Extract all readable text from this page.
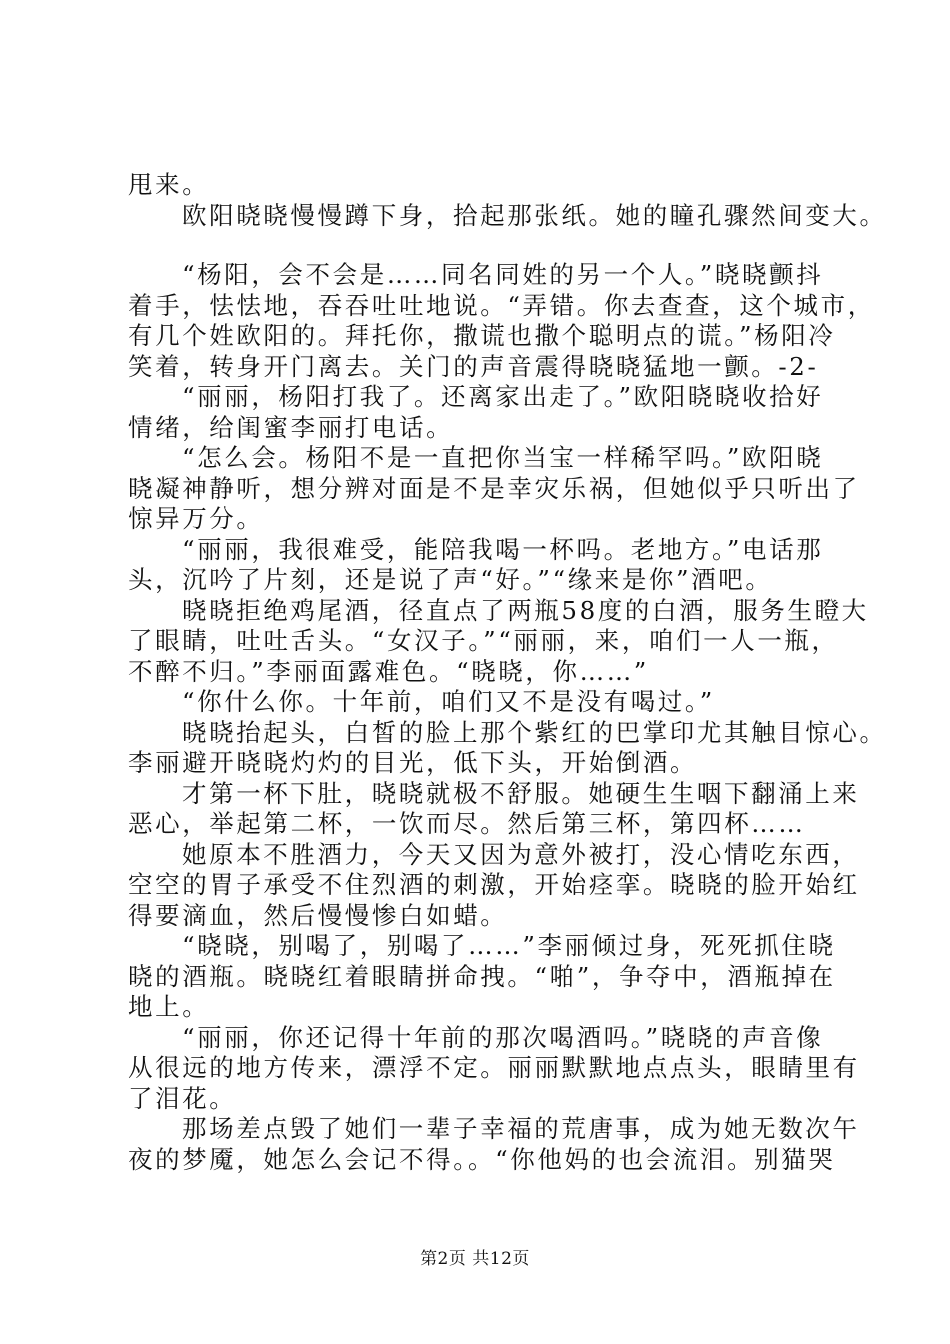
甩来。
欧阳晓晓慢慢蹲下身，拾起那张纸。她的瞳孔骤然间变大。
“杨阳，会不会是……同名同姓的另一个人。”晓晓颤抖
着手，怯怯地，吞吞吐吐地说。“弄错。你去查查，这个城市，
有几个姓欧阳的。拜托你，撒谎也撒个聪明点的谎。”杨阳冷
笑着，转身开门离去。关门的声音震得晓晓猛地一颤。-2-
“丽丽，杨阳打我了。还离家出走了。”欧阳晓晓收拾好
情绪，给闺蜜李丽打电话。
“怎么会。杨阳不是一直把你当宝一样稀罕吗。”欧阳晓
晓凝神静听，想分辨对面是不是幸灾乐祸，但她似乎只听出了
惊异万分。
“丽丽，我很难受，能陪我喝一杯吗。老地方。”电话那
头，沉吟了片刻，还是说了声“好。”“缘来是你”酒吧。
晓晓拒绝鸡尾酒，径直点了两瓶58度的白酒，服务生瞪大
了眼睛，吐吐舌头。“女汉子。”“丽丽，来，咱们一人一瓶，
不醉不归。”李丽面露难色。“晓晓，你……”
“你什么你。十年前，咱们又不是没有喝过。”
晓晓抬起头，白皙的脸上那个紫红的巴掌印尤其触目惊心。
李丽避开晓晓灼灼的目光，低下头，开始倒酒。
才第一杯下肚，晓晓就极不舒服。她硬生生咽下翻涌上来
恶心，举起第二杯，一饮而尽。然后第三杯，第四杯……
她原本不胜酒力，今天又因为意外被打，没心情吃东西，
空空的胃子承受不住烈酒的刺激，开始痉挛。晓晓的脸开始红
得要滴血，然后慢慢惨白如蜡。
“晓晓，别喝了，别喝了……”李丽倾过身，死死抓住晓
晓的酒瓶。晓晓红着眼睛拼命拽。“啪”，争夺中，酒瓶掉在
地上。
“丽丽，你还记得十年前的那次喝酒吗。”晓晓的声音像
从很远的地方传来，漂浮不定。丽丽默默地点点头，眼睛里有
了泪花。
那场差点毁了她们一辈子幸福的荒唐事，成为她无数次午
夜的梦魇，她怎么会记不得。。“你他妈的也会流泪。别猫哭
第2页 共12页
